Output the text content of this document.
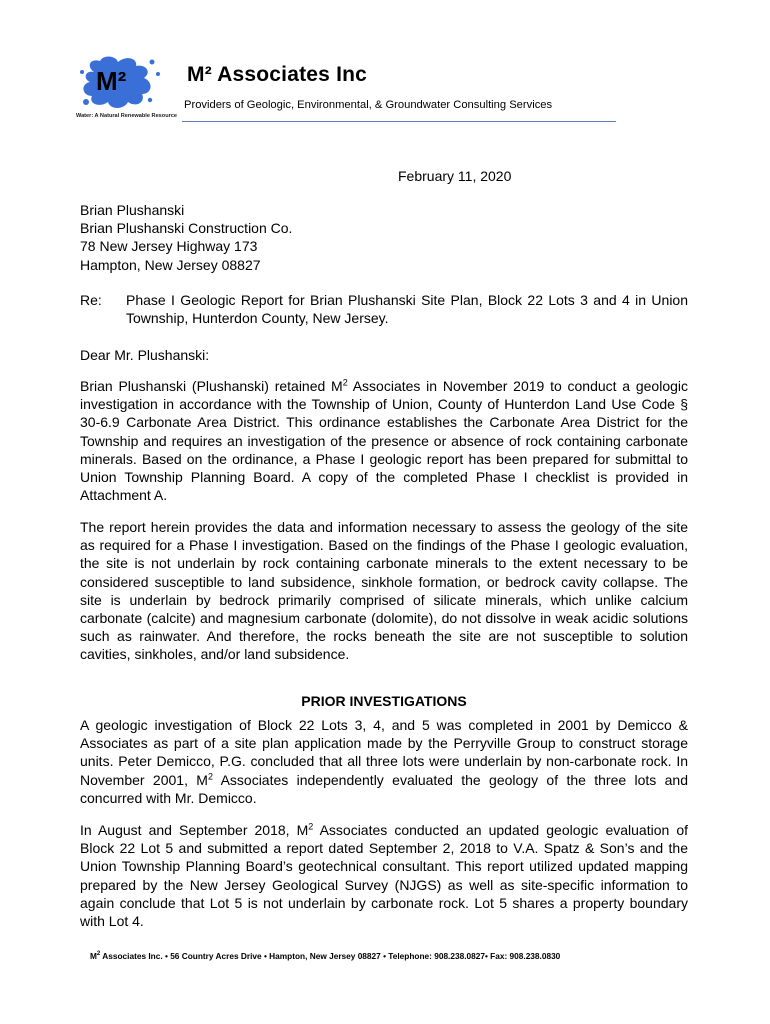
M²
Water: A Natural Renewable Resource
M² Associates Inc
Providers of Geologic, Environmental, & Groundwater Consulting Services
February 11, 2020
Brian Plushanski
Brian Plushanski Construction Co.
78 New Jersey Highway 173
Hampton, New Jersey 08827
Re: Phase I Geologic Report for Brian Plushanski Site Plan, Block 22 Lots 3 and 4 in Union Township, Hunterdon County, New Jersey.
Dear Mr. Plushanski:
Brian Plushanski (Plushanski) retained $M^2$ Associates in November 2019 to conduct a geologic investigation in accordance with the Township of Union, County of Hunterdon Land Use Code § 30-6.9 Carbonate Area District. This ordinance establishes the Carbonate Area District for the Township and requires an investigation of the presence or absence of rock containing carbonate minerals. Based on the ordinance, a Phase I geologic report has been prepared for submittal to Union Township Planning Board. A copy of the completed Phase I checklist is provided in Attachment A.
The report herein provides the data and information necessary to assess the geology of the site as required for a Phase I investigation. Based on the findings of the Phase I geologic evaluation, the site is not underlain by rock containing carbonate minerals to the extent necessary to be considered susceptible to land subsidence, sinkhole formation, or bedrock cavity collapse. The site is underlain by bedrock primarily comprised of silicate minerals, which unlike calcium carbonate (calcite) and magnesium carbonate (dolomite), do not dissolve in weak acidic solutions such as rainwater. And therefore, the rocks beneath the site are not susceptible to solution cavities, sinkholes, and/or land subsidence.
PRIOR INVESTIGATIONS
A geologic investigation of Block 22 Lots 3, 4, and 5 was completed in 2001 by Demicco & Associates as part of a site plan application made by the Perryville Group to construct storage units. Peter Demicco, P.G. concluded that all three lots were underlain by non-carbonate rock. In November 2001, $M^2$ Associates independently evaluated the geology of the three lots and concurred with Mr. Demicco.
In August and September 2018, $M^2$ Associates conducted an updated geologic evaluation of Block 22 Lot 5 and submitted a report dated September 2, 2018 to V.A. Spatz & Son’s and the Union Township Planning Board’s geotechnical consultant. This report utilized updated mapping prepared by the New Jersey Geological Survey (NJGS) as well as site-specific information to again conclude that Lot 5 is not underlain by carbonate rock. Lot 5 shares a property boundary with Lot 4.
$M^2$ Associates Inc. • 56 Country Acres Drive • Hampton, New Jersey 08827 • Telephone: 908.238.0827• Fax: 908.238.0830
